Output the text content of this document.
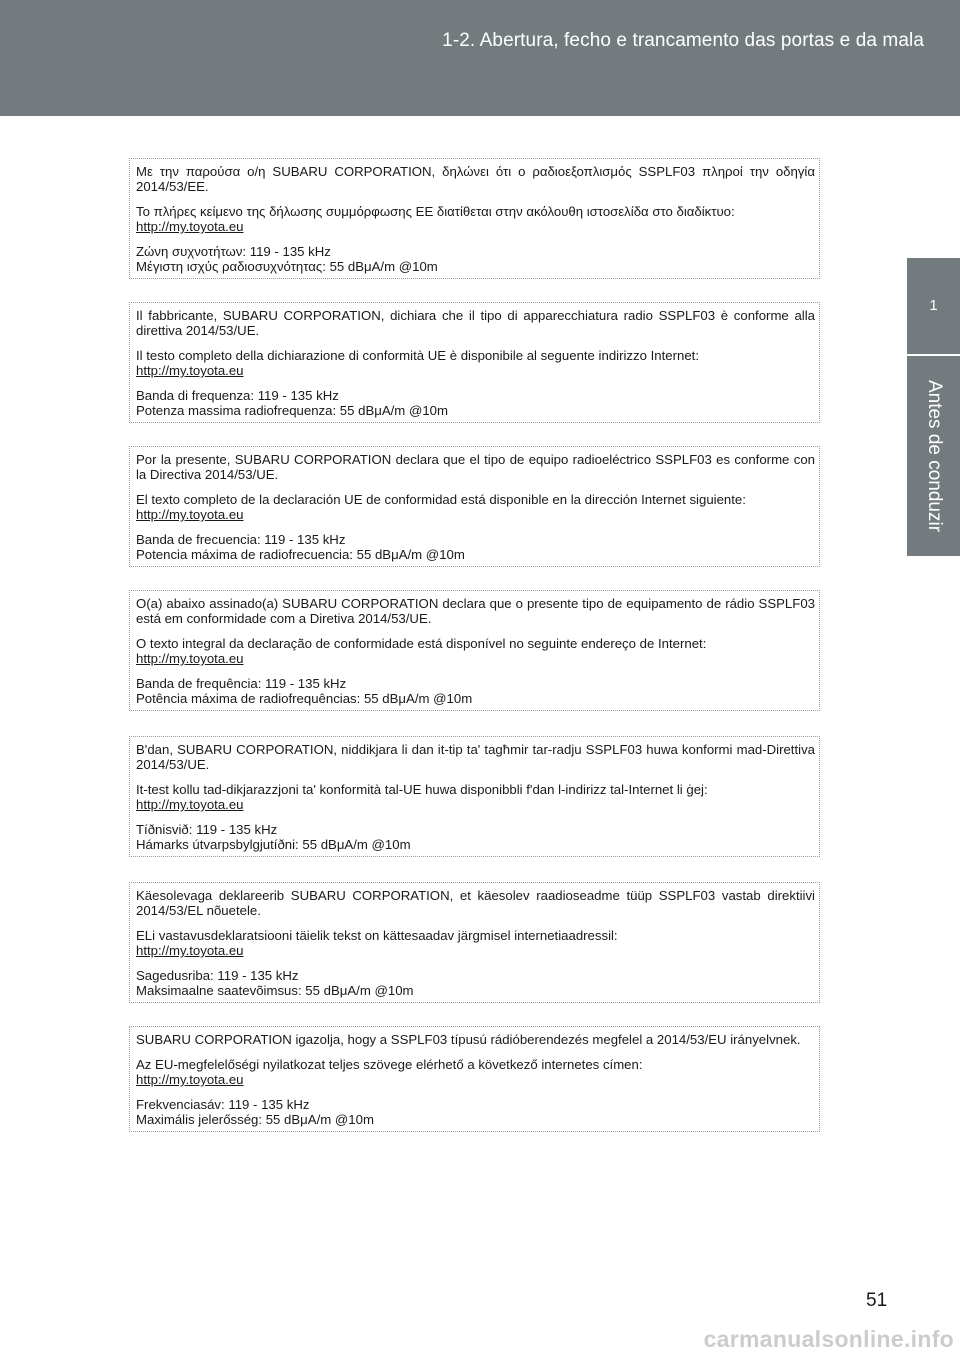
1-2. Abertura, fecho e trancamento das portas e da mala
1
Antes de conduzir

Με την παρούσα ο/η SUBARU CORPORATION, δηλώνει ότι ο ραδιοεξοπλισμός SSPLF03 πληροί την οδηγία 2014/53/ΕΕ.

Το πλήρες κείμενο της δήλωσης συμμόρφωσης ΕΕ διατίθεται στην ακόλουθη ιστοσελίδα στο διαδίκτυο:

http://my.toyota.eu

Ζώνη συχνοτήτων: 119 - 135 kHz

Μέγιστη ισχύς ραδιοσυχνότητας: 55 dBμA/m @10m

Il fabbricante, SUBARU CORPORATION, dichiara che il tipo di apparecchiatura radio SSPLF03 è conforme alla direttiva 2014/53/UE.

Il testo completo della dichiarazione di conformità UE è disponibile al seguente indirizzo Internet:

http://my.toyota.eu

Banda di frequenza: 119 - 135 kHz

Potenza massima radiofrequenza: 55 dBμA/m @10m

Por la presente, SUBARU CORPORATION declara que el tipo de equipo radioeléctrico SSPLF03 es conforme con la Directiva 2014/53/UE.

El texto completo de la declaración UE de conformidad está disponible en la dirección Internet siguiente:

http://my.toyota.eu

Banda de frecuencia: 119 - 135 kHz

Potencia máxima de radiofrecuencia: 55 dBμA/m @10m

O(a) abaixo assinado(a) SUBARU CORPORATION declara que o presente tipo de equipamento de rádio SSPLF03 está em conformidade com a Diretiva 2014/53/UE.

O texto integral da declaração de conformidade está disponível no seguinte endereço de Internet:

http://my.toyota.eu

Banda de frequência: 119 - 135 kHz

Potência máxima de radiofrequências: 55 dBμA/m @10m

B'dan, SUBARU CORPORATION, niddikjara li dan it-tip ta' tagħmir tar-radju SSPLF03 huwa konformi mad-Direttiva 2014/53/UE.

It-test kollu tad-dikjarazzjoni ta' konformità tal-UE huwa disponibbli f'dan l-indirizz tal-Internet li ġej:

http://my.toyota.eu

Tíðnisvið: 119 - 135 kHz

Hámarks útvarpsbylgjutíðni: 55 dBμA/m @10m

Käesolevaga deklareerib SUBARU CORPORATION, et käesolev raadioseadme tüüp SSPLF03 vastab direktiivi 2014/53/EL nõuetele.

ELi vastavusdeklaratsiooni täielik tekst on kättesaadav järgmisel internetiaadressil:

http://my.toyota.eu

Sagedusriba: 119 - 135 kHz

Maksimaalne saatevõimsus: 55 dBμA/m @10m

SUBARU CORPORATION igazolja, hogy a SSPLF03 típusú rádióberendezés megfelel a 2014/53/EU irányelvnek.

Az EU-megfelelőségi nyilatkozat teljes szövege elérhető a következő internetes címen:

http://my.toyota.eu

Frekvenciasáv: 119 - 135 kHz

Maximális jelerősség: 55 dBμA/m @10m

51
carmanualsonline.info
